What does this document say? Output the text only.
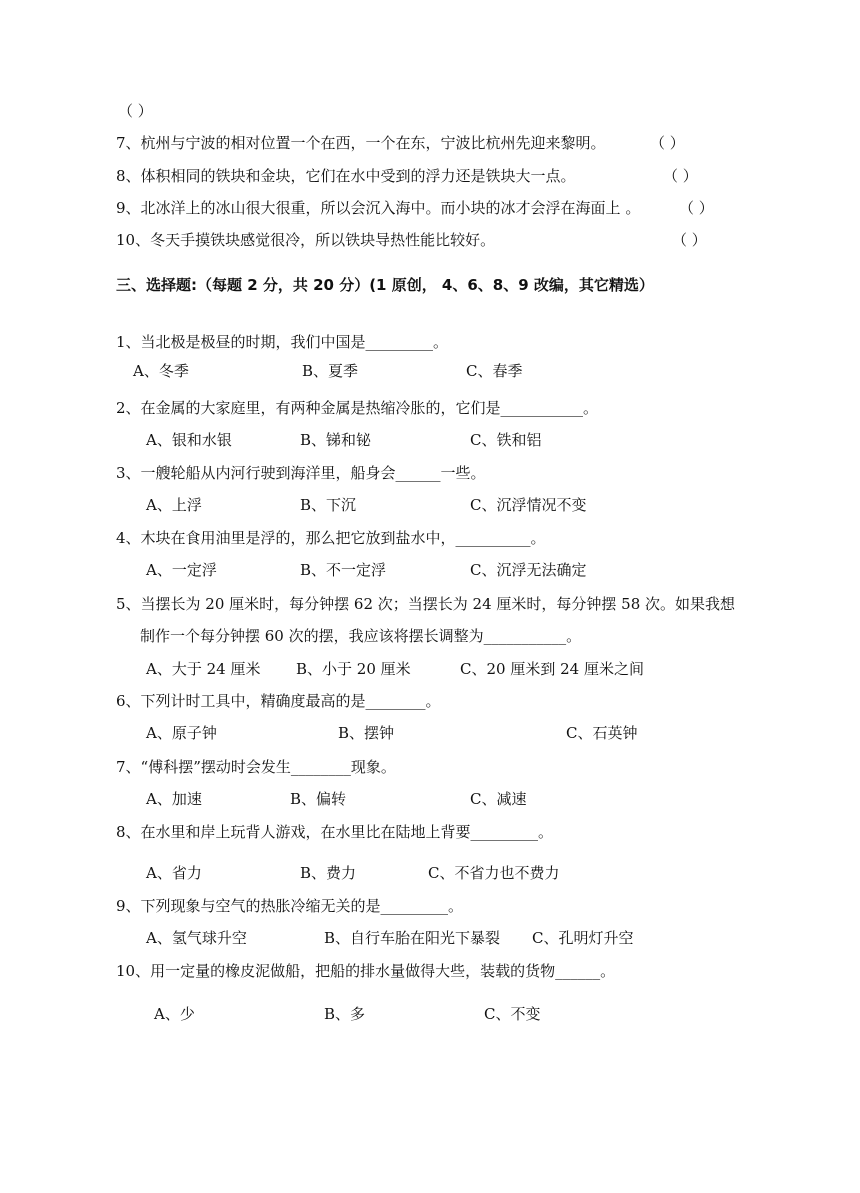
（ ）
7、杭州与宁波的相对位置一个在西，一个在东，宁波比杭州先迎来黎明。	（ ）
8、体积相同的铁块和金块，它们在水中受到的浮力还是铁块大一点。	（ ）
9、北冰洋上的冰山很大很重，所以会沉入海中。而小块的冰才会浮在海面上 。	（ ）
10、冬天手摸铁块感觉很冷，所以铁块导热性能比较好。	（ ）
三、选择题:（每题 2 分，共 20 分）(1 原创， 4、6、8、9 改编，其它精选）
1、当北极是极昼的时期，我们中国是_________。
A、冬季	B、夏季	C、春季
2、在金属的大家庭里，有两种金属是热缩冷胀的，它们是___________。
A、银和水银	B、锑和铋	C、铁和铝
3、一艘轮船从内河行驶到海洋里，船身会______一些。
A、上浮	B、下沉	C、沉浮情况不变
4、木块在食用油里是浮的，那么把它放到盐水中，__________。
A、一定浮	B、不一定浮	C、沉浮无法确定
5、当摆长为 20 厘米时，每分钟摆 62 次；当摆长为 24 厘米时，每分钟摆 58 次。如果我想
制作一个每分钟摆 60 次的摆，我应该将摆长调整为___________。
A、大于 24 厘米 B、小于 20 厘米	C、20 厘米到 24 厘米之间
6、下列计时工具中，精确度最高的是________。
A、原子钟	B、摆钟	C、石英钟
7、“傅科摆”摆动时会发生________现象。
A、加速	B、偏转	C、减速
8、在水里和岸上玩背人游戏，在水里比在陆地上背要_________。
A、省力	B、费力	C、不省力也不费力
9、下列现象与空气的热胀冷缩无关的是_________。
A、氢气球升空	B、自行车胎在阳光下暴裂 C、孔明灯升空
10、用一定量的橡皮泥做船，把船的排水量做得大些，装载的货物______。
A、少	B、多	C、不变
